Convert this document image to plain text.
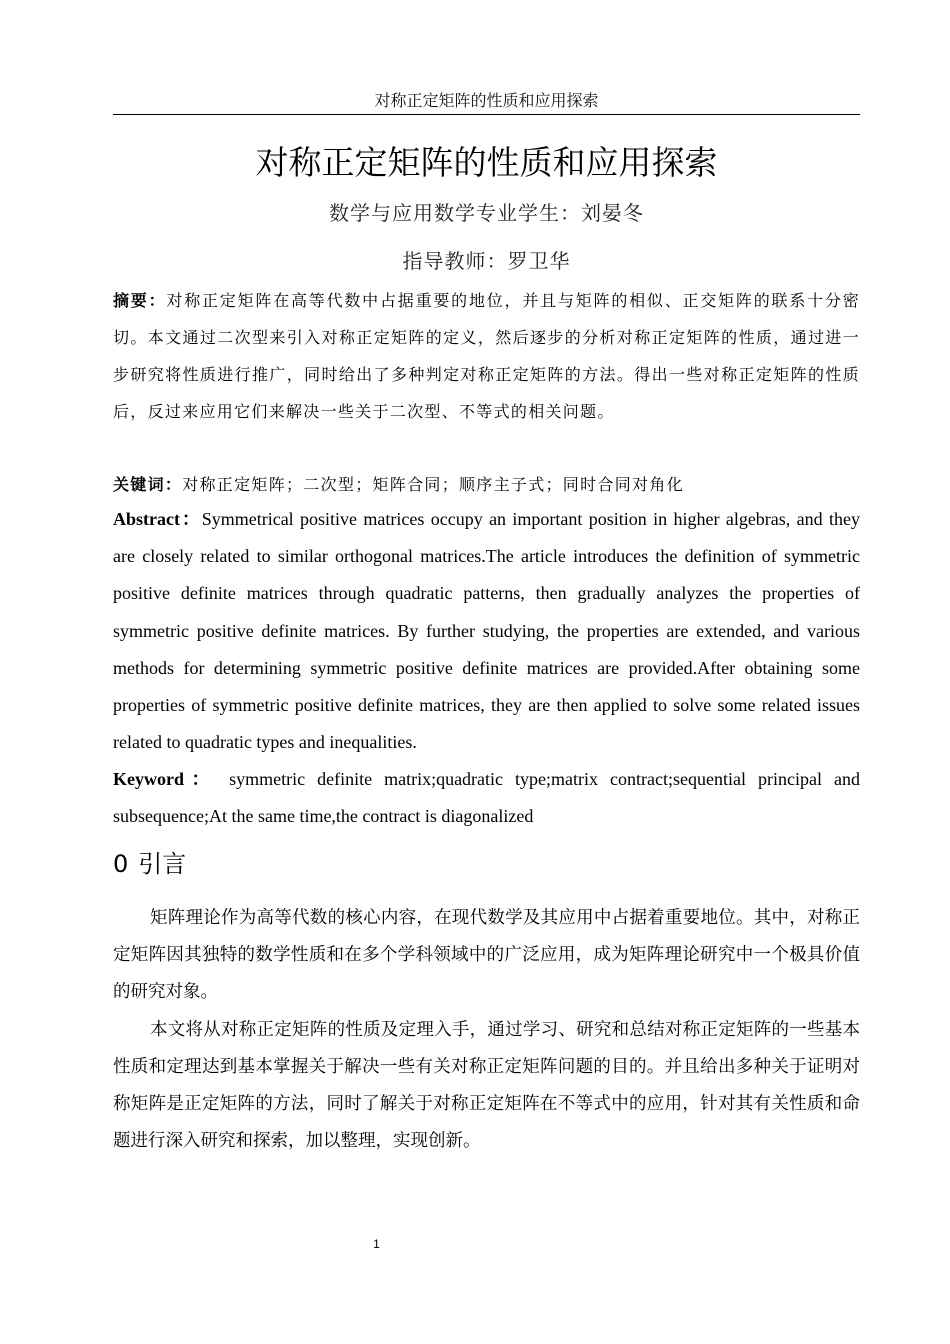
对称正定矩阵的性质和应用探索
对称正定矩阵的性质和应用探索
数学与应用数学专业学生：刘晏冬
指导教师：罗卫华
摘要：对称正定矩阵在高等代数中占据重要的地位，并且与矩阵的相似、正交矩阵的联系十分密切。本文通过二次型来引入对称正定矩阵的定义，然后逐步的分析对称正定矩阵的性质，通过进一步研究将性质进行推广，同时给出了多种判定对称正定矩阵的方法。得出一些对称正定矩阵的性质后，反过来应用它们来解决一些关于二次型、不等式的相关问题。
关键词：对称正定矩阵；二次型；矩阵合同；顺序主子式；同时合同对角化
Abstract：Symmetrical positive matrices occupy an important position in higher algebras, and they are closely related to similar orthogonal matrices.The article introduces the definition of symmetric positive definite matrices through quadratic patterns, then gradually analyzes the properties of symmetric positive definite matrices. By further studying, the properties are extended, and various methods for determining symmetric positive definite matrices are provided.After obtaining some properties of symmetric positive definite matrices, they are then applied to solve some related issues related to quadratic types and inequalities.
Keyword： symmetric definite matrix;quadratic type;matrix contract;sequential principal and subsequence;At the same time,the contract is diagonalized
0 引言

矩阵理论作为高等代数的核心内容，在现代数学及其应用中占据着重要地位。其中，对称正定矩阵因其独特的数学性质和在多个学科领域中的广泛应用，成为矩阵理论研究中一个极具价值的研究对象。

本文将从对称正定矩阵的性质及定理入手，通过学习、研究和总结对称正定矩阵的一些基本性质和定理达到基本掌握关于解决一些有关对称正定矩阵问题的目的。并且给出多种关于证明对称矩阵是正定矩阵的方法，同时了解关于对称正定矩阵在不等式中的应用，针对其有关性质和命题进行深入研究和探索，加以整理，实现创新。

1
